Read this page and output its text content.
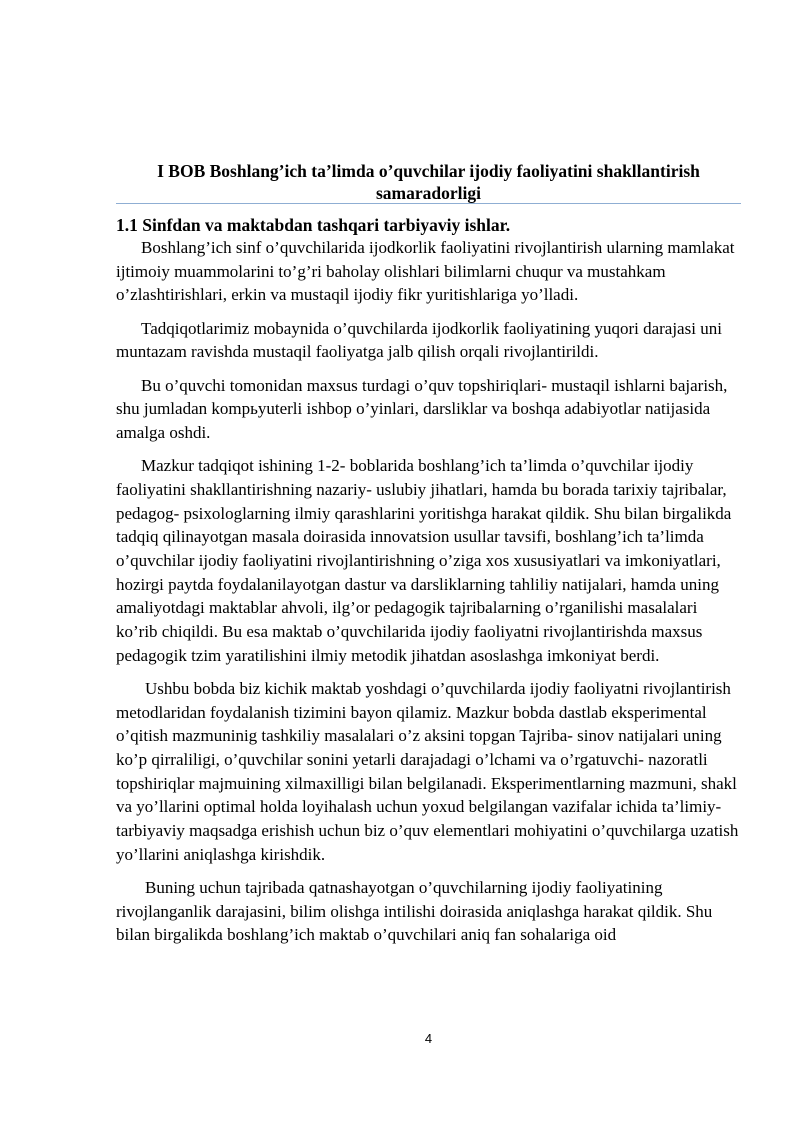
I BOB Boshlang’ich ta’limda o’quvchilar ijodiy faoliyatini shakllantirish
samaradorligi
1.1 Sinfdan va maktabdan tashqari tarbiyaviy ishlar.

Boshlang’ich sinf o’quvchilarida ijodkorlik faoliyatini rivojlantirish ularning mamlakat ijtimoiy muammolarini to’g’ri baholay olishlari bilimlarni chuqur va mustahkam o’zlashtirishlari, erkin va mustaqil ijodiy fikr yuritishlariga yo’lladi.

Tadqiqotlarimiz mobaynida o’quvchilarda ijodkorlik faoliyatining yuqori darajasi uni muntazam ravishda mustaqil faoliyatga jalb qilish orqali rivojlantirildi.

Bu o’quvchi tomonidan maxsus turdagi o’quv topshiriqlari- mustaqil ishlarni bajarish, shu jumladan kompьyuterli ishbop o’yinlari, darsliklar va boshqa adabiyotlar natijasida amalga oshdi.

Mazkur tadqiqot ishining 1-2- boblarida boshlang’ich ta’limda o’quvchilar ijodiy faoliyatini shakllantirishning nazariy- uslubiy jihatlari, hamda bu borada tarixiy tajribalar, pedagog- psixologlarning ilmiy qarashlarini yoritishga harakat qildik. Shu bilan birgalikda tadqiq qilinayotgan masala doirasida innovatsion usullar tavsifi, boshlang’ich ta’limda o’quvchilar ijodiy faoliyatini rivojlantirishning o’ziga xos xususiyatlari va imkoniyatlari, hozirgi paytda foydalanilayotgan dastur va darsliklarning tahliliy natijalari, hamda uning amaliyotdagi maktablar ahvoli, ilg’or pedagogik tajribalarning o’rganilishi masalalari ko’rib chiqildi. Bu esa maktab o’quvchilarida ijodiy faoliyatni rivojlantirishda maxsus pedagogik tzim yaratilishini ilmiy metodik jihatdan asoslashga imkoniyat berdi.

Ushbu bobda biz kichik maktab yoshdagi o’quvchilarda ijodiy faoliyatni rivojlantirish metodlaridan foydalanish tizimini bayon qilamiz. Mazkur bobda dastlab eksperimental o’qitish mazmuninig tashkiliy masalalari o’z aksini topgan Tajriba- sinov natijalari uning ko’p qirraliligi, o’quvchilar sonini yetarli darajadagi o’lchami va o’rgatuvchi- nazoratli topshiriqlar majmuining xilmaxilligi bilan belgilanadi. Eksperimentlarning mazmuni, shakl va yo’llarini optimal holda loyihalash uchun yoxud belgilangan vazifalar ichida ta’limiy-tarbiyaviy maqsadga erishish uchun biz o’quv elementlari mohiyatini o’quvchilarga uzatish yo’llarini aniqlashga kirishdik.

Buning uchun tajribada qatnashayotgan o’quvchilarning ijodiy faoliyatining rivojlanganlik darajasini, bilim olishga intilishi doirasida aniqlashga harakat qildik. Shu bilan birgalikda boshlang’ich maktab o’quvchilari aniq fan sohalariga oid

4
